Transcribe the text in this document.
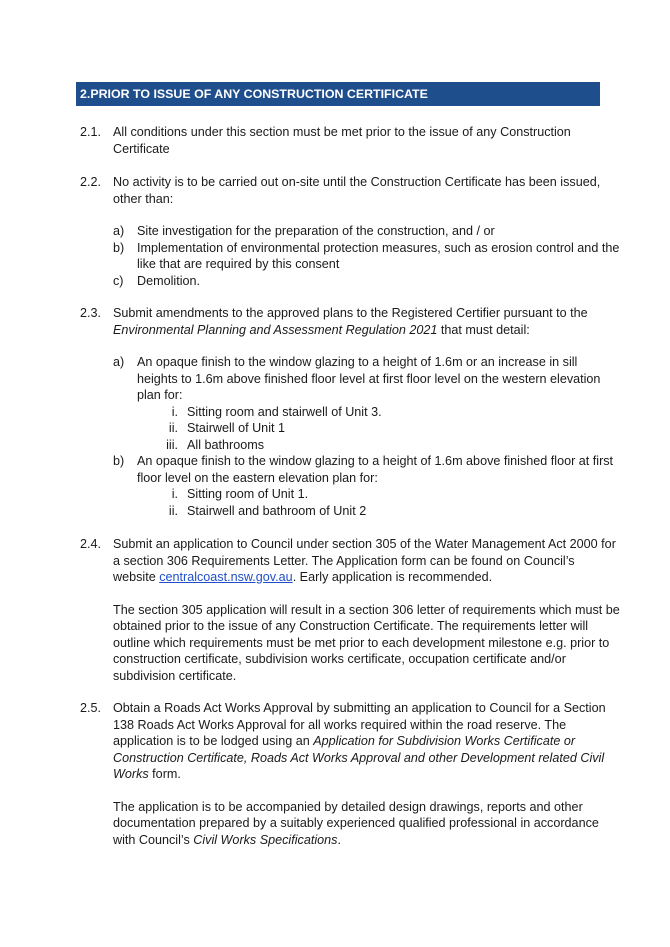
2.PRIOR TO ISSUE OF ANY CONSTRUCTION CERTIFICATE
2.1. All conditions under this section must be met prior to the issue of any Construction Certificate
2.2. No activity is to be carried out on-site until the Construction Certificate has been issued, other than:
a) Site investigation for the preparation of the construction, and / or
b) Implementation of environmental protection measures, such as erosion control and the like that are required by this consent
c) Demolition.
2.3. Submit amendments to the approved plans to the Registered Certifier pursuant to the Environmental Planning and Assessment Regulation 2021 that must detail:
a) An opaque finish to the window glazing to a height of 1.6m or an increase in sill heights to 1.6m above finished floor level at first floor level on the western elevation plan for:
i. Sitting room and stairwell of Unit 3.
ii. Stairwell of Unit 1
iii. All bathrooms
b) An opaque finish to the window glazing to a height of 1.6m above finished floor at first floor level on the eastern elevation plan for:
i. Sitting room of Unit 1.
ii. Stairwell and bathroom of Unit 2
2.4. Submit an application to Council under section 305 of the Water Management Act 2000 for a section 306 Requirements Letter. The Application form can be found on Council’s website centralcoast.nsw.gov.au. Early application is recommended.
The section 305 application will result in a section 306 letter of requirements which must be obtained prior to the issue of any Construction Certificate. The requirements letter will outline which requirements must be met prior to each development milestone e.g. prior to construction certificate, subdivision works certificate, occupation certificate and/or subdivision certificate.
2.5. Obtain a Roads Act Works Approval by submitting an application to Council for a Section 138 Roads Act Works Approval for all works required within the road reserve. The application is to be lodged using an Application for Subdivision Works Certificate or Construction Certificate, Roads Act Works Approval and other Development related Civil Works form.
The application is to be accompanied by detailed design drawings, reports and other documentation prepared by a suitably experienced qualified professional in accordance with Council’s Civil Works Specifications.
